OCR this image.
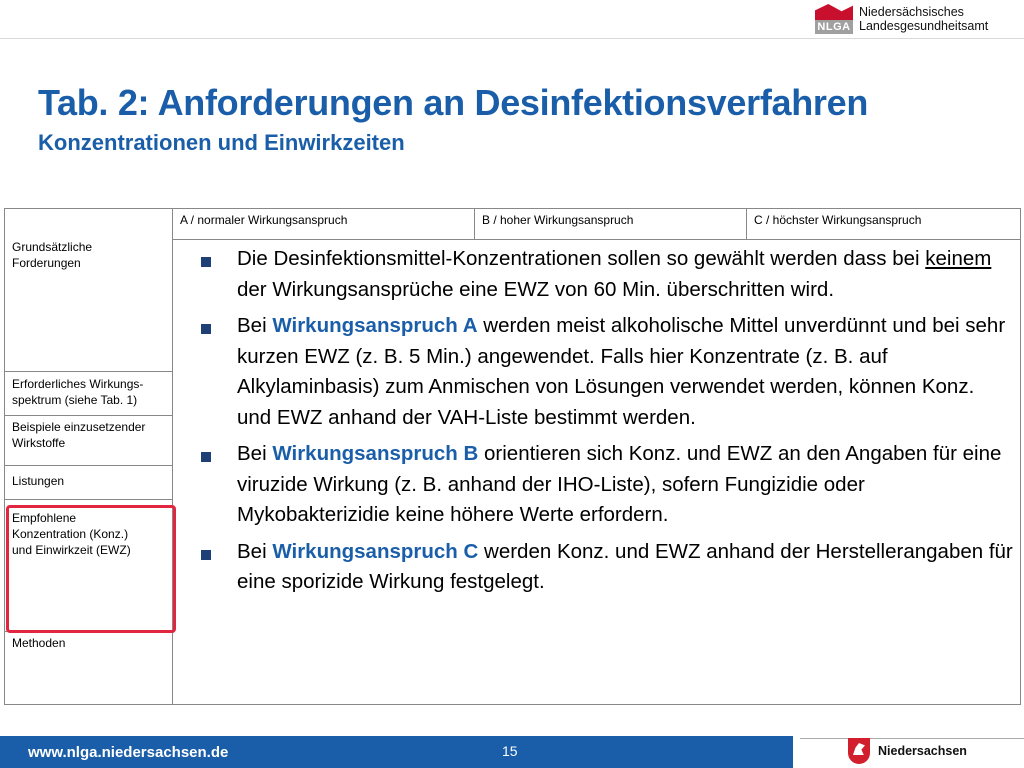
NLGA
Niedersächsisches
Landesgesundheitsamt
Tab. 2: Anforderungen an Desinfektionsverfahren
Konzentrationen und Einwirkzeiten
A / normaler Wirkungsanspruch	B / hoher Wirkungsanspruch	C / höchster Wirkungsanspruch
Grundsätzliche
Forderungen
Erforderliches Wirkungs-
spektrum (siehe Tab. 1)
Beispiele einzusetzender
Wirkstoffe
Listungen
Empfohlene
Konzentration (Konz.)
und Einwirkzeit (EWZ)
Methoden
Die Desinfektionsmittel-Konzentrationen sollen so gewählt werden dass bei keinem der Wirkungsansprüche eine EWZ von 60 Min. überschritten wird.
Bei Wirkungsanspruch A werden meist alkoholische Mittel unverdünnt und bei sehr kurzen EWZ (z. B. 5 Min.) angewendet. Falls hier Konzentrate (z. B. auf Alkylaminbasis) zum Anmischen von Lösungen verwendet werden, können Konz. und EWZ anhand der VAH-Liste bestimmt werden.
Bei Wirkungsanspruch B orientieren sich Konz. und EWZ an den Angaben für eine viruzide Wirkung (z. B. anhand der IHO-Liste), sofern Fungizidie oder Mykobakterizidie keine höhere Werte erfordern.
Bei Wirkungsanspruch C werden Konz. und EWZ anhand der Herstellerangaben für eine sporizide Wirkung festgelegt.
www.nlga.niedersachsen.de	15	Niedersachsen
